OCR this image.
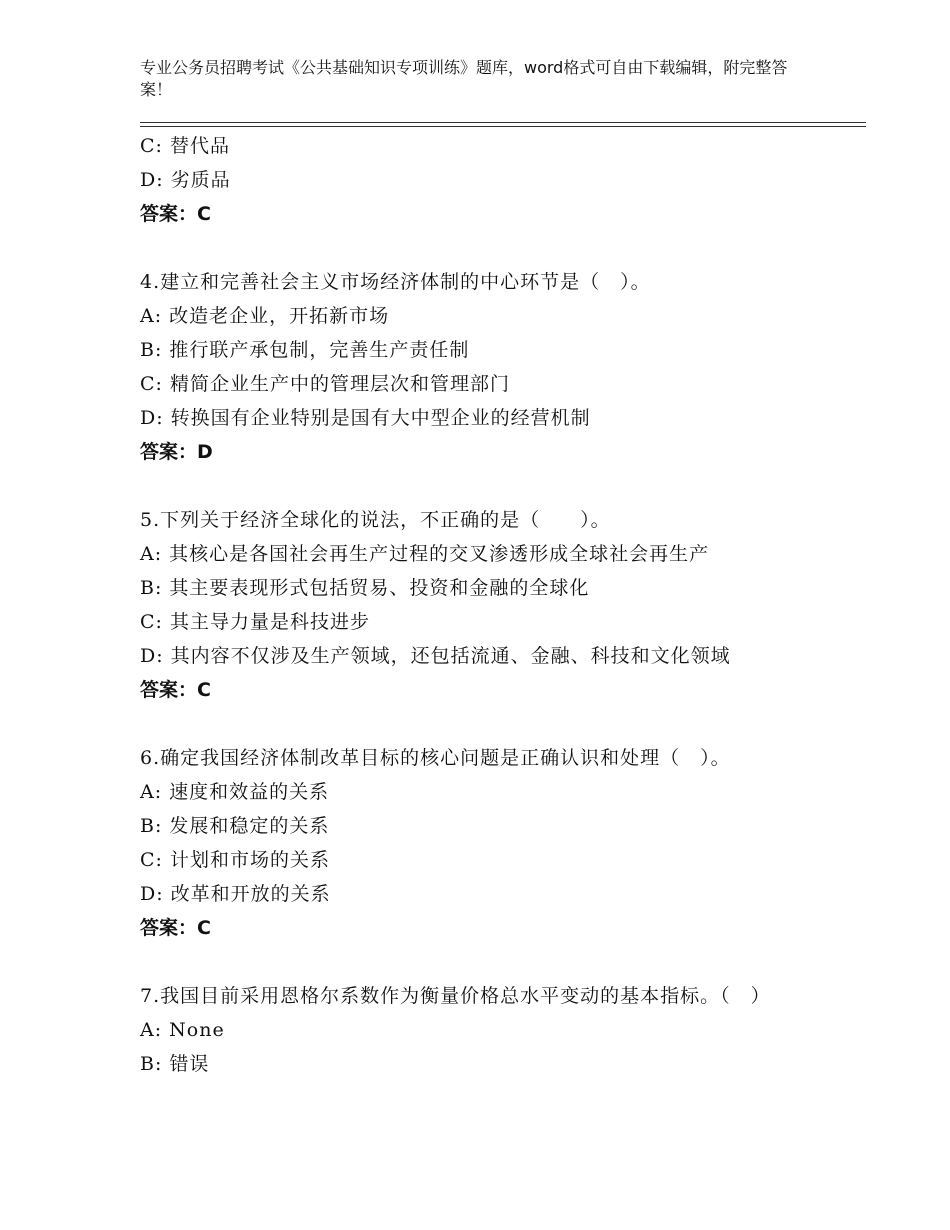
专业公务员招聘考试《公共基础知识专项训练》题库，word格式可自由下载编辑，附完整答案！
C: 替代品
D: 劣质品
答案：C
4.建立和完善社会主义市场经济体制的中心环节是（　）。
A: 改造老企业，开拓新市场
B: 推行联产承包制，完善生产责任制
C: 精简企业生产中的管理层次和管理部门
D: 转换国有企业特别是国有大中型企业的经营机制
答案：D
5.下列关于经济全球化的说法，不正确的是（　　）。
A: 其核心是各国社会再生产过程的交叉渗透形成全球社会再生产
B: 其主要表现形式包括贸易、投资和金融的全球化
C: 其主导力量是科技进步
D: 其内容不仅涉及生产领域，还包括流通、金融、科技和文化领域
答案：C
6.确定我国经济体制改革目标的核心问题是正确认识和处理（　）。
A: 速度和效益的关系
B: 发展和稳定的关系
C: 计划和市场的关系
D: 改革和开放的关系
答案：C
7.我国目前采用恩格尔系数作为衡量价格总水平变动的基本指标。（　）
A: None
B: 错误
